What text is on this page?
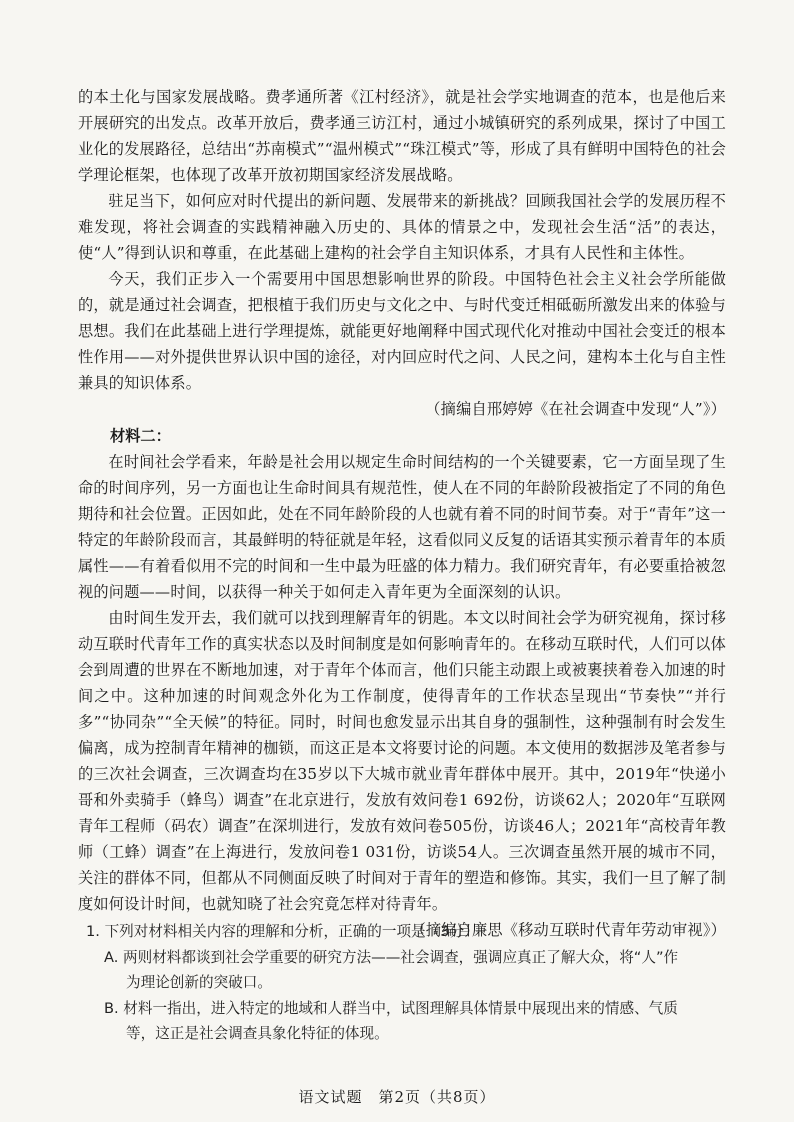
的本土化与国家发展战略。费孝通所著《江村经济》，就是社会学实地调查的范本，也是他后来开展研究的出发点。改革开放后，费孝通三访江村，通过小城镇研究的系列成果，探讨了中国工业化的发展路径，总结出“苏南模式”“温州模式”“珠江模式”等，形成了具有鲜明中国特色的社会学理论框架，也体现了改革开放初期国家经济发展战略。

驻足当下，如何应对时代提出的新问题、发展带来的新挑战？回顾我国社会学的发展历程不难发现，将社会调查的实践精神融入历史的、具体的情景之中，发现社会生活“活”的表达，使“人”得到认识和尊重，在此基础上建构的社会学自主知识体系，才具有人民性和主体性。

今天，我们正步入一个需要用中国思想影响世界的阶段。中国特色社会主义社会学所能做的，就是通过社会调查，把根植于我们历史与文化之中、与时代变迁相砥砺所激发出来的体验与思想。我们在此基础上进行学理提炼，就能更好地阐释中国式现代化对推动中国社会变迁的根本性作用——对外提供世界认识中国的途径，对内回应时代之问、人民之问，建构本土化与自主性兼具的知识体系。

（摘编自邢婷婷《在社会调查中发现“人”》）

材料二：

在时间社会学看来，年龄是社会用以规定生命时间结构的一个关键要素，它一方面呈现了生命的时间序列，另一方面也让生命时间具有规范性，使人在不同的年龄阶段被指定了不同的角色期待和社会位置。正因如此，处在不同年龄阶段的人也就有着不同的时间节奏。对于“青年”这一特定的年龄阶段而言，其最鲜明的特征就是年轻，这看似同义反复的话语其实预示着青年的本质属性——有着看似用不完的时间和一生中最为旺盛的体力精力。我们研究青年，有必要重拾被忽视的问题——时间，以获得一种关于如何走入青年更为全面深刻的认识。

由时间生发开去，我们就可以找到理解青年的钥匙。本文以时间社会学为研究视角，探讨移动互联时代青年工作的真实状态以及时间制度是如何影响青年的。在移动互联时代，人们可以体会到周遭的世界在不断地加速，对于青年个体而言，他们只能主动跟上或被裹挟着卷入加速的时间之中。这种加速的时间观念外化为工作制度，使得青年的工作状态呈现出“节奏快”“并行多”“协同杂”“全天候”的特征。同时，时间也愈发显示出其自身的强制性，这种强制有时会发生偏离，成为控制青年精神的枷锁，而这正是本文将要讨论的问题。本文使用的数据涉及笔者参与的三次社会调查，三次调查均在35岁以下大城市就业青年群体中展开。其中，2019年“快递小哥和外卖骑手（蜂鸟）调查”在北京进行，发放有效问卷1 692份，访谈62人；2020年“互联网青年工程师（码农）调查”在深圳进行，发放有效问卷505份，访谈46人；2021年“高校青年教师（工蜂）调查”在上海进行，发放问卷1 031份，访谈54人。三次调查虽然开展的城市不同，关注的群体不同，但都从不同侧面反映了时间对于青年的塑造和修饰。其实，我们一旦了解了制度如何设计时间，也就知晓了社会究竟怎样对待青年。

（摘编自廉思《移动互联时代青年劳动审视》）

1. 下列对材料相关内容的理解和分析，正确的一项是（3分）

A. 两则材料都谈到社会学重要的研究方法——社会调查，强调应真正了解大众，将“人”作

为理论创新的突破口。

B. 材料一指出，进入特定的地域和人群当中，试图理解具体情景中展现出来的情感、气质

等，这正是社会调查具象化特征的体现。

语文试题　第2页（共8页）
